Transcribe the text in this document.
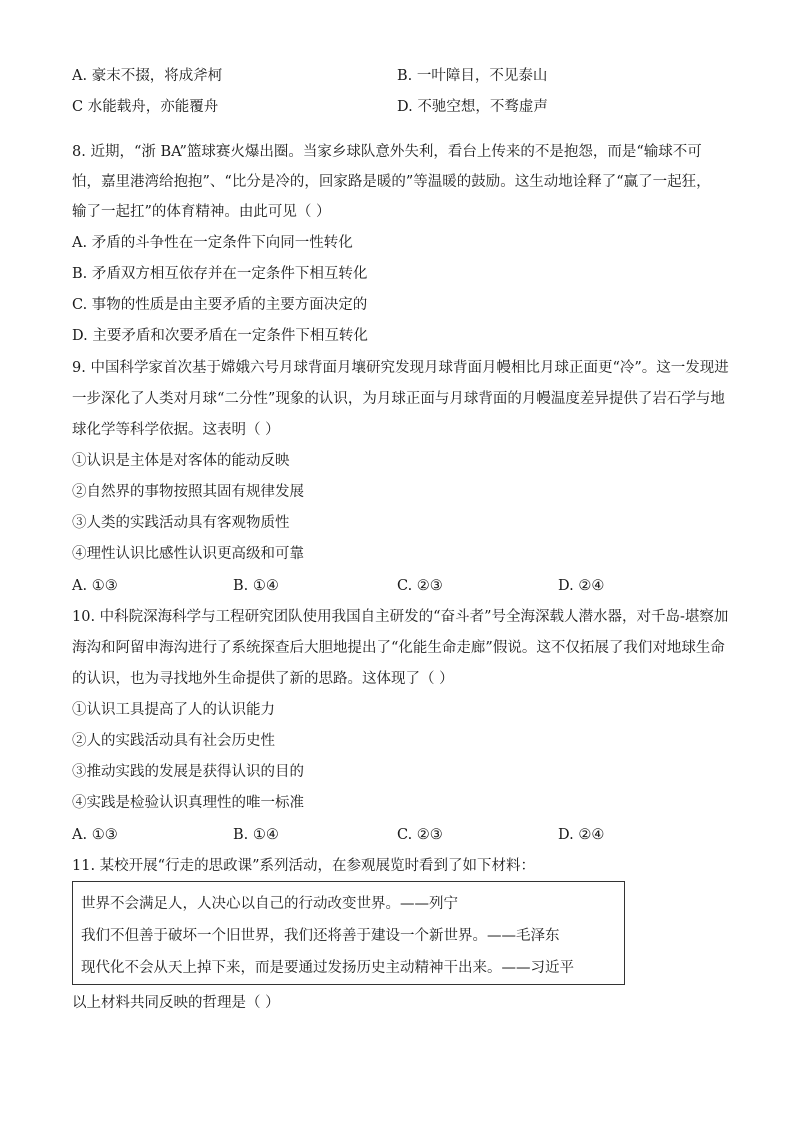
A. 豪末不掇，将成斧柯	B. 一叶障目，不见泰山
C 水能载舟，亦能覆舟	D. 不驰空想，不骛虚声
8. 近期，“浙 BA”篮球赛火爆出圈。当家乡球队意外失利，看台上传来的不是抱怨，而是“输球不可
怕，嘉里港湾给抱抱”、“比分是冷的，回家路是暖的”等温暖的鼓励。这生动地诠释了“赢了一起狂，
输了一起扛”的体育精神。由此可见（ ）
A. 矛盾的斗争性在一定条件下向同一性转化
B. 矛盾双方相互依存并在一定条件下相互转化
C. 事物的性质是由主要矛盾的主要方面决定的
D. 主要矛盾和次要矛盾在一定条件下相互转化
9. 中国科学家首次基于嫦娥六号月球背面月壤研究发现月球背面月幔相比月球正面更“冷”。这一发现进
一步深化了人类对月球“二分性”现象的认识，为月球正面与月球背面的月幔温度差异提供了岩石学与地
球化学等科学依据。这表明（ ）
①认识是主体是对客体的能动反映
②自然界的事物按照其固有规律发展
③人类的实践活动具有客观物质性
④理性认识比感性认识更高级和可靠
A. ①③	B. ①④	C. ②③	D. ②④
10. 中科院深海科学与工程研究团队使用我国自主研发的“奋斗者”号全海深载人潜水器，对千岛-堪察加
海沟和阿留申海沟进行了系统探查后大胆地提出了“化能生命走廊”假说。这不仅拓展了我们对地球生命
的认识，也为寻找地外生命提供了新的思路。这体现了（ ）
①认识工具提高了人的认识能力
②人的实践活动具有社会历史性
③推动实践的发展是获得认识的目的
④实践是检验认识真理性的唯一标准
A. ①③	B. ①④	C. ②③	D. ②④
11. 某校开展“行走的思政课”系列活动，在参观展览时看到了如下材料：
世界不会满足人，人决心以自己的行动改变世界。——列宁
我们不但善于破坏一个旧世界，我们还将善于建设一个新世界。——毛泽东
现代化不会从天上掉下来，而是要通过发扬历史主动精神干出来。——习近平
以上材料共同反映的哲理是（ ）
